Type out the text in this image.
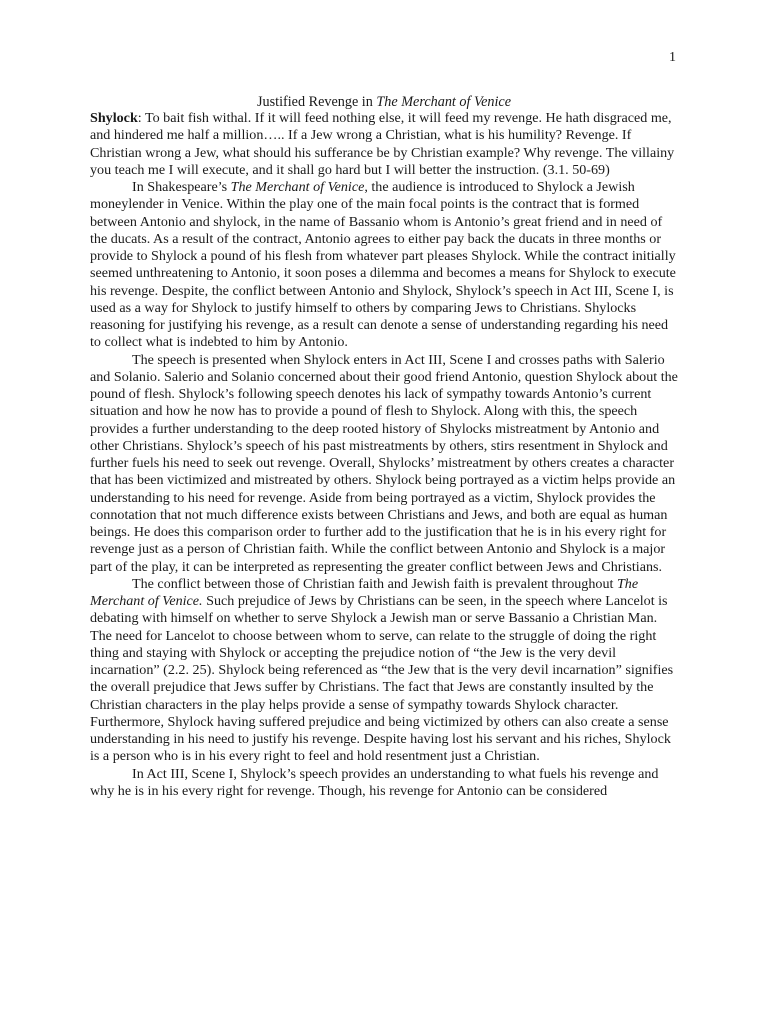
1
Justified Revenge in The Merchant of Venice

Shylock: To bait fish withal. If it will feed nothing else, it will feed my revenge. He hath disgraced me, and hindered me half a million….. If a Jew wrong a Christian, what is his humility? Revenge. If Christian wrong a Jew, what should his sufferance be by Christian example? Why revenge. The villainy you teach me I will execute, and it shall go hard but I will better the instruction. (3.1. 50-69)

In Shakespeare’s The Merchant of Venice, the audience is introduced to Shylock a Jewish moneylender in Venice. Within the play one of the main focal points is the contract that is formed between Antonio and shylock, in the name of Bassanio whom is Antonio’s great friend and in need of the ducats. As a result of the contract, Antonio agrees to either pay back the ducats in three months or provide to Shylock a pound of his flesh from whatever part pleases Shylock. While the contract initially seemed unthreatening to Antonio, it soon poses a dilemma and becomes a means for Shylock to execute his revenge. Despite, the conflict between Antonio and Shylock, Shylock’s speech in Act III, Scene I, is used as a way for Shylock to justify himself to others by comparing Jews to Christians. Shylocks reasoning for justifying his revenge, as a result can denote a sense of understanding regarding his need to collect what is indebted to him by Antonio.

The speech is presented when Shylock enters in Act III, Scene I and crosses paths with Salerio and Solanio. Salerio and Solanio concerned about their good friend Antonio, question Shylock about the pound of flesh. Shylock’s following speech denotes his lack of sympathy towards Antonio’s current situation and how he now has to provide a pound of flesh to Shylock. Along with this, the speech provides a further understanding to the deep rooted history of Shylocks mistreatment by Antonio and other Christians. Shylock’s speech of his past mistreatments by others, stirs resentment in Shylock and further fuels his need to seek out revenge. Overall, Shylocks’ mistreatment by others creates a character that has been victimized and mistreated by others. Shylock being portrayed as a victim helps provide an understanding to his need for revenge. Aside from being portrayed as a victim, Shylock provides the connotation that not much difference exists between Christians and Jews, and both are equal as human beings. He does this comparison order to further add to the justification that he is in his every right for revenge just as a person of Christian faith. While the conflict between Antonio and Shylock is a major part of the play, it can be interpreted as representing the greater conflict between Jews and Christians.

The conflict between those of Christian faith and Jewish faith is prevalent throughout The Merchant of Venice. Such prejudice of Jews by Christians can be seen, in the speech where Lancelot is debating with himself on whether to serve Shylock a Jewish man or serve Bassanio a Christian Man. The need for Lancelot to choose between whom to serve, can relate to the struggle of doing the right thing and staying with Shylock or accepting the prejudice notion of “the Jew is the very devil incarnation” (2.2. 25). Shylock being referenced as “the Jew that is the very devil incarnation” signifies the overall prejudice that Jews suffer by Christians. The fact that Jews are constantly insulted by the Christian characters in the play helps provide a sense of sympathy towards Shylock character. Furthermore, Shylock having suffered prejudice and being victimized by others can also create a sense understanding in his need to justify his revenge. Despite having lost his servant and his riches, Shylock is a person who is in his every right to feel and hold resentment just a Christian.

In Act III, Scene I, Shylock’s speech provides an understanding to what fuels his revenge and why he is in his every right for revenge. Though, his revenge for Antonio can be considered
